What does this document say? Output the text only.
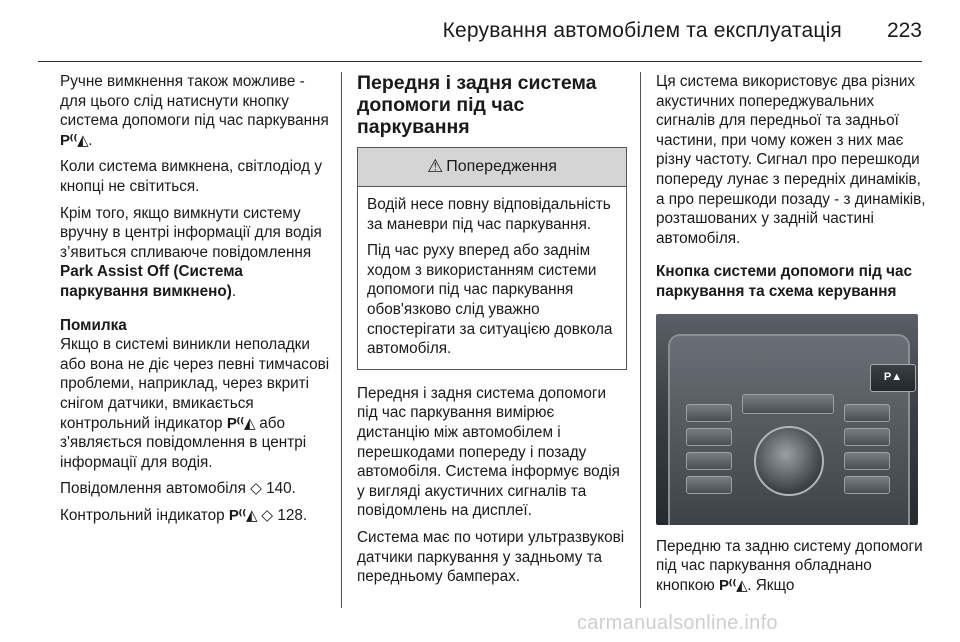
Керування автомобілем та експлуатація 223

Ручне вимкнення також можливе - для цього слід натиснути кнопку система допомоги під час паркування P⁽⁽◭.

Коли система вимкнена, світлодіод у кнопці не світиться.

Крім того, якщо вимкнути систему вручну в центрі інформації для водія з’явиться спливаюче повідомлення Park Assist Off (Система паркування вимкнено).

Помилка

Якщо в системі виникли неполадки або вона не діє через певні тимчасові проблеми, наприклад, через вкриті снігом датчики, вмикається контрольний індикатор P⁽⁽◭ або з'являється повідомлення в центрі інформації для водія.

Повідомлення автомобіля ◇ 140.

Контрольний індикатор P⁽⁽◭ ◇ 128.

Передня і задня система допомоги під час паркування
⚠ Попередження

Водій несе повну відповідальність за маневри під час паркування.

Під час руху вперед або заднім ходом з використанням системи допомоги під час паркування обов'язково слід уважно спостерігати за ситуацією довкола автомобіля.

Передня і задня система допомоги під час паркування вимірює дистанцію між автомобілем і перешкодами попереду і позаду автомобіля. Система інформує водія у вигляді акустичних сигналів та повідомлень на дисплеї.

Система має по чотири ультразвукові датчики паркування у задньому та передньому бамперах.

Ця система використовує два різних акустичних попереджувальних сигналів для передньої та задньої частини, при чому кожен з них має різну частоту. Сигнал про перешкоди попереду лунає з передніх динаміків, а про перешкоди позаду - з динаміків, розташованих у задній частині автомобіля.

Кнопка системи допомоги під час паркування та схема керування
P▲

Передню та задню систему допомоги під час паркування обладнано кнопкою P⁽⁽◭. Якщо

carmanualsonline.info
